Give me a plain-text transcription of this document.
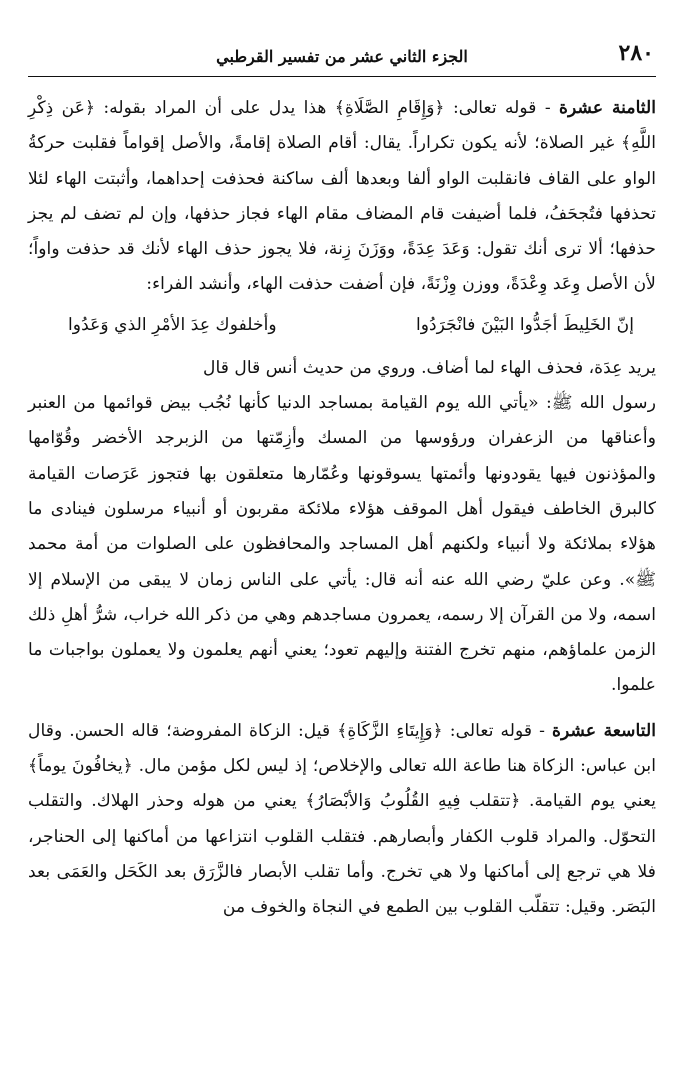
٢٨٠
الجزء الثاني عشر من تفسير القرطبي

الثامنة عشرة - قوله تعالى: ﴿وَإِقَامِ الصَّلَاةِ﴾ هذا يدل على أن المراد بقوله: ﴿عَن ذِكْرِ اللَّهِ﴾ غير الصلاة؛ لأنه يكون تكراراً. يقال: أقام الصلاة إقامةً، والأصل إقواماً فقلبت حركةُ الواو على القاف فانقلبت الواو ألفا وبعدها ألف ساكنة فحذفت إحداهما، وأثبتت الهاء لئلا تحذفها فتُجحَفُ، فلما أضيفت قام المضاف مقام الهاء فجاز حذفها، وإن لم تضف لم يجز حذفها؛ ألا ترى أنك تقول: وَعَدَ عِدَةً، ووَزَنَ زِنة، فلا يجوز حذف الهاء لأنك قد حذفت واواً؛ لأن الأصل وِعَد وِعْدَةً، ووزن وِزْنَةً، فإن أضفت حذفت الهاء، وأنشد الفراء:

إنّ الخَلِيطَ أجَدُّوا البَيْنَ فانْجَرَدُوا
وأخلفوك عِدَ الأمْرِ الذي وَعَدُوا

يريد عِدَة، فحذف الهاء لما أضاف. وروي من حديث أنس قال قال

رسول الله ﷺ: «يأتي الله يوم القيامة بمساجد الدنيا كأنها نُجُب بيض قوائمها من العنبر وأعناقها من الزعفران ورؤوسها من المسك وأزِمّتها من الزبرجد الأخضر وقُوّامها والمؤذنون فيها يقودونها وأئمتها يسوقونها وعُمّارها متعلقون بها فتجوز عَرَصات القيامة كالبرق الخاطف فيقول أهل الموقف هؤلاء ملائكة مقربون أو أنبياء مرسلون فينادى ما هؤلاء بملائكة ولا أنبياء ولكنهم أهل المساجد والمحافظون على الصلوات من أمة محمد ﷺ». وعن عليّ رضي الله عنه أنه قال: يأتي على الناس زمان لا يبقى من الإسلام إلا اسمه، ولا من القرآن إلا رسمه، يعمرون مساجدهم وهي من ذكر الله خراب، شرُّ أهلِ ذلك الزمن علماؤهم، منهم تخرج الفتنة وإليهم تعود؛ يعني أنهم يعلمون ولا يعملون بواجبات ما علموا.

التاسعة عشرة - قوله تعالى: ﴿وَإِيتَاءِ الزَّكَاةِ﴾ قيل: الزكاة المفروضة؛ قاله الحسن. وقال ابن عباس: الزكاة هنا طاعة الله تعالى والإخلاص؛ إذ ليس لكل مؤمن مال. ﴿يخافُونَ يوماً﴾ يعني يوم القيامة. ﴿تتقلب فِيهِ القُلُوبُ وَالأبْصَارُ﴾ يعني من هوله وحذر الهلاك. والتقلب التحوّل. والمراد قلوب الكفار وأبصارهم. فتقلب القلوب انتزاعها من أماكنها إلى الحناجر، فلا هي ترجع إلى أماكنها ولا هي تخرج. وأما تقلب الأبصار فالزَّرَق بعد الكَحَل والعَمَى بعد البَصَر. وقيل: تتقلّب القلوب بين الطمع في النجاة والخوف من
